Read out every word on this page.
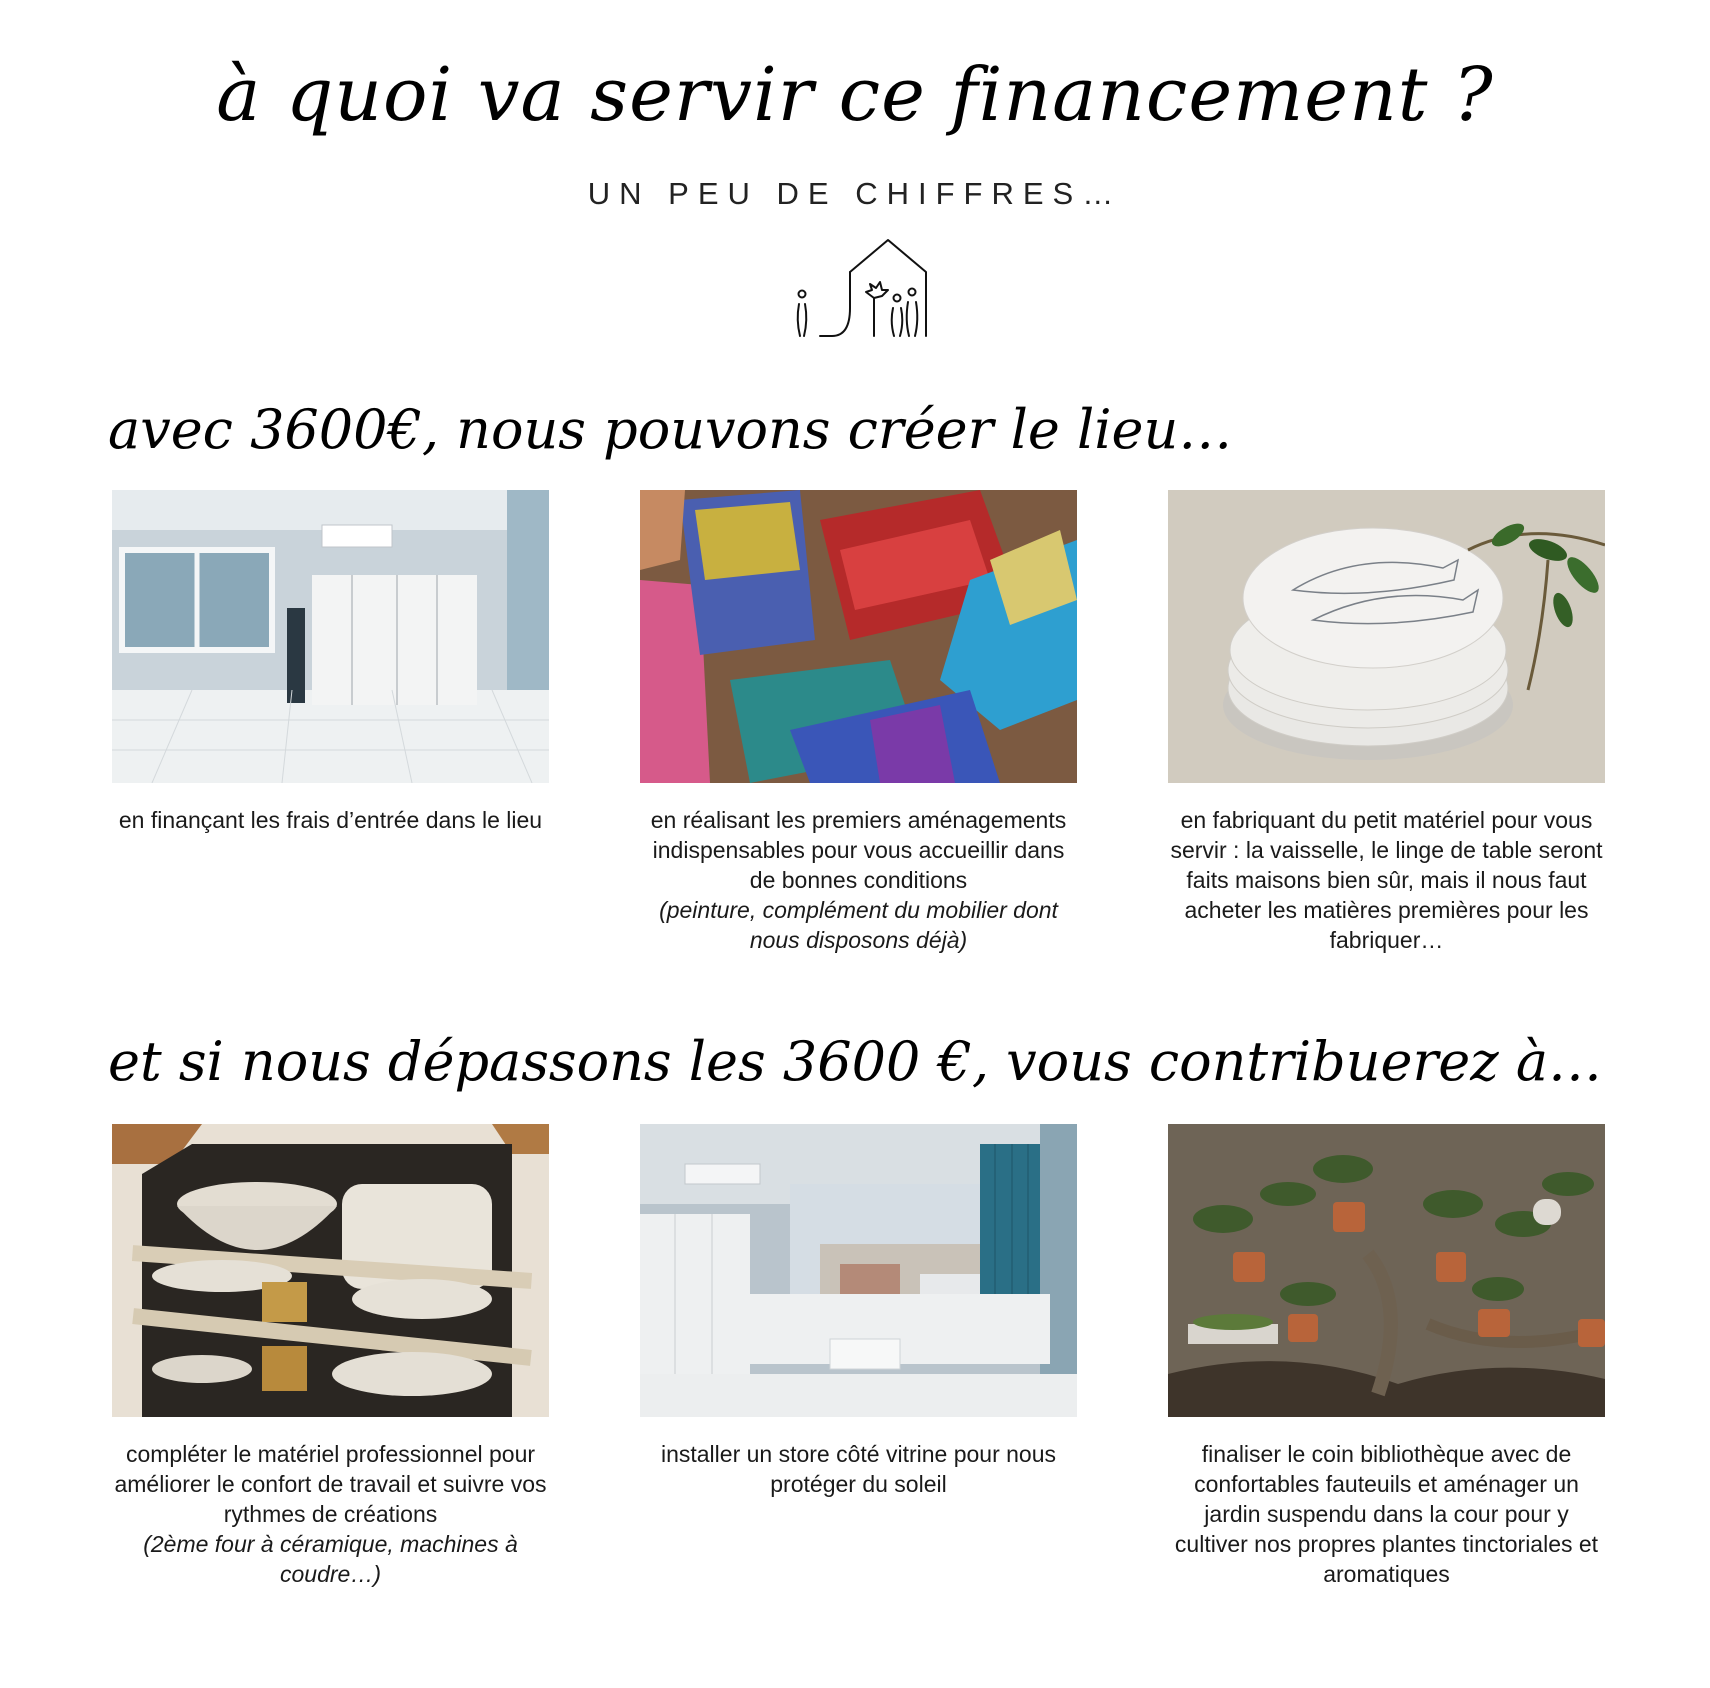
à quoi va servir ce financement ?
UN PEU DE CHIFFRES…
avec 3600€, nous pouvons créer le lieu…
en finançant les frais d’entrée dans le lieu	en réalisant les premiers aménagements indispensables pour vous accueillir dans de bonnes conditions
(peinture, complément du mobilier dont nous disposons déjà)
en fabriquant du petit matériel pour vous servir : la vaisselle, le linge de table seront faits maisons bien sûr, mais il nous faut acheter les matières premières pour les fabriquer…
et si nous dépassons les 3600 €, vous contribuerez à…
compléter le matériel professionnel pour améliorer le confort de travail et suivre vos rythmes de créations
(2ème four à céramique, machines à coudre…)
installer un store côté vitrine pour nous protéger du soleil
finaliser le coin bibliothèque avec de confortables fauteuils et aménager un jardin suspendu dans la cour pour y cultiver nos propres plantes tinctoriales et aromatiques
